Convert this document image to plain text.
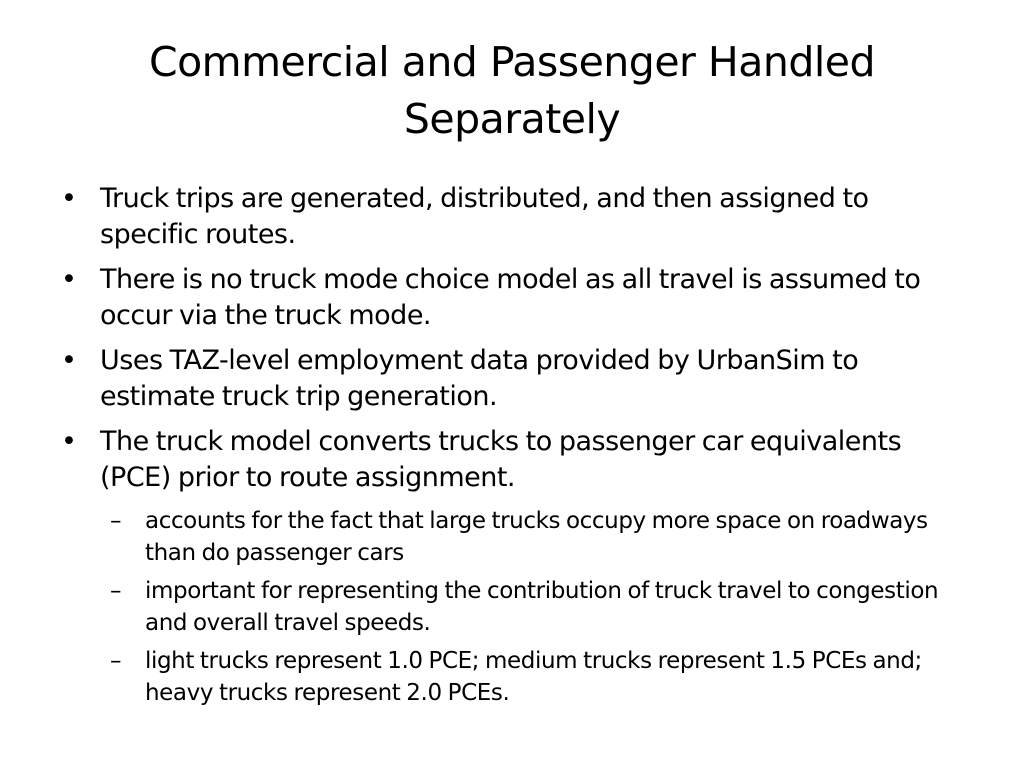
Commercial and Passenger Handled Separately
• Truck trips are generated, distributed, and then assigned to specific routes.
• There is no truck mode choice model as all travel is assumed to occur via the truck mode.
• Uses TAZ-level employment data provided by UrbanSim to estimate truck trip generation.
• The truck model converts trucks to passenger car equivalents (PCE) prior to route assignment.
– accounts for the fact that large trucks occupy more space on roadways than do passenger cars
– important for representing the contribution of truck travel to congestion and overall travel speeds.
– light trucks represent 1.0 PCE; medium trucks represent 1.5 PCEs and; heavy trucks represent 2.0 PCEs.
